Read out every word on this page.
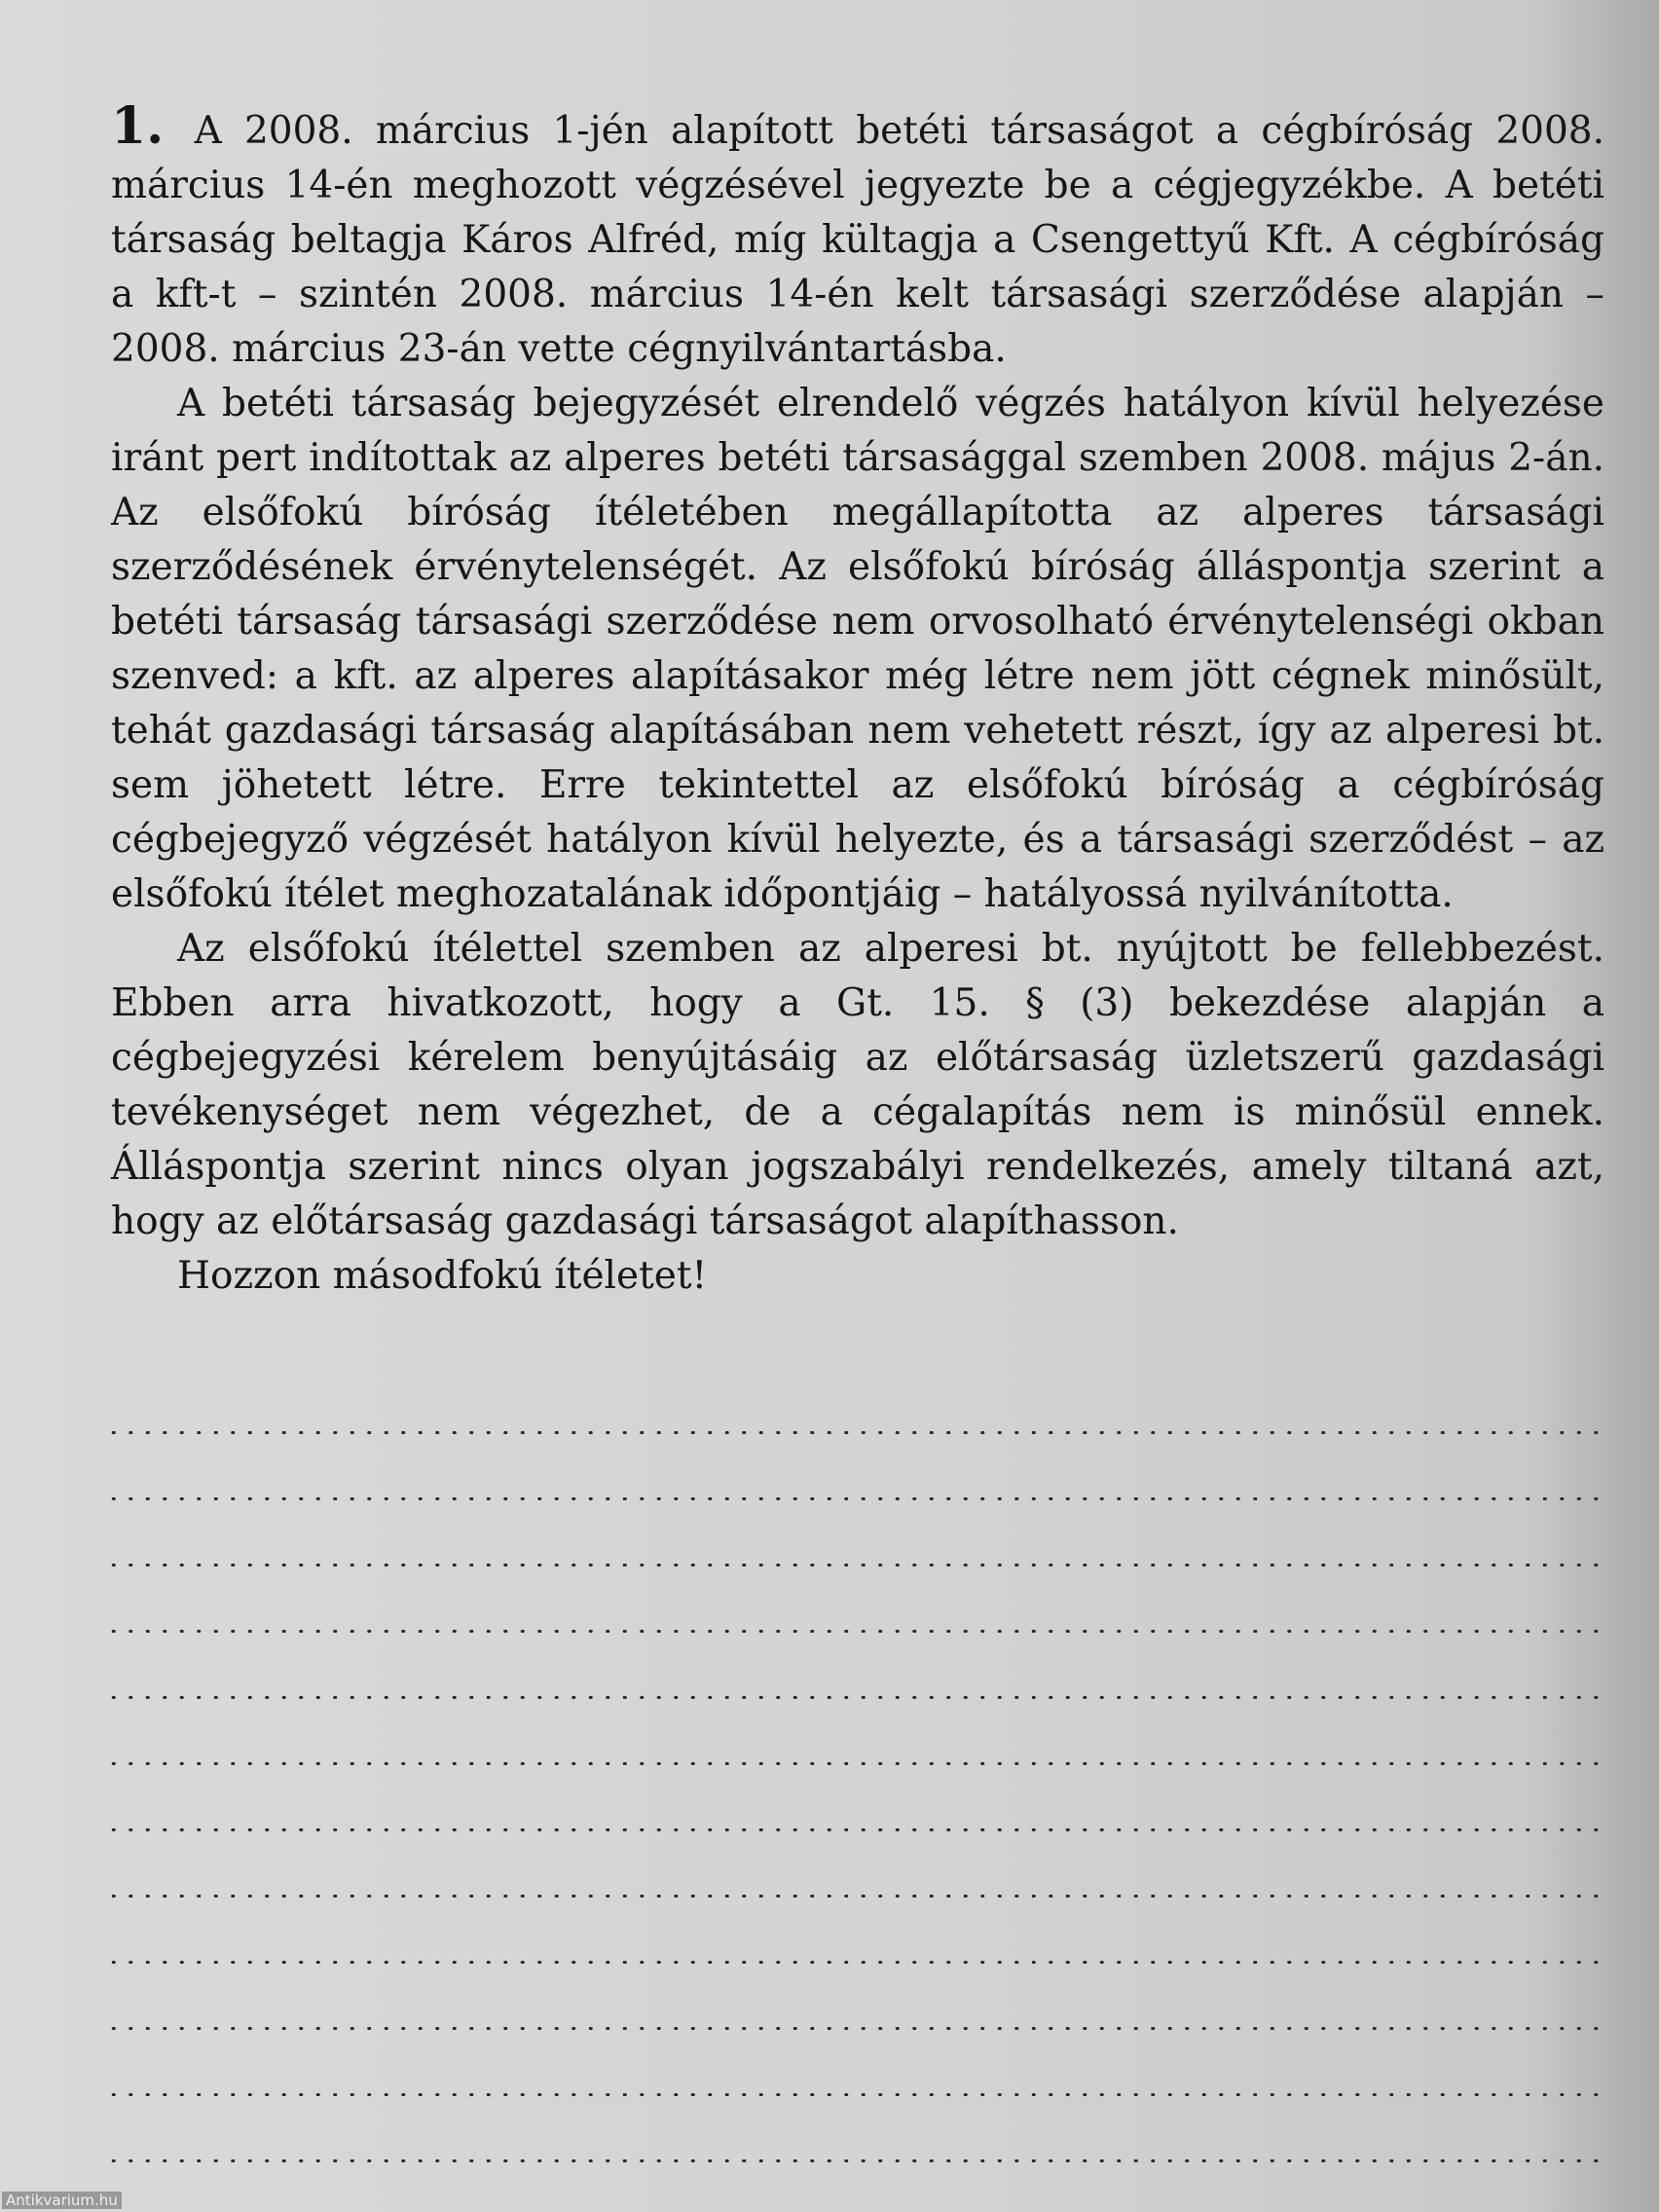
1. A 2008. március 1-jén alapított betéti társaságot a cégbíróság 2008. március 14-én meghozott végzésével jegyezte be a cégjegyzékbe. A betéti társaság beltagja Káros Alfréd, míg kültagja a Csengettyű Kft. A cégbíróság a kft-t – szintén 2008. március 14-én kelt társasági szerződése alapján – 2008. március 23-án vette cégnyilvántartásba.

A betéti társaság bejegyzését elrendelő végzés hatályon kívül helyezése iránt pert indítottak az alperes betéti társasággal szemben 2008. május 2-án. Az elsőfokú bíróság ítéletében megállapította az alperes társasági szerződésének érvénytelenségét. Az elsőfokú bíróság álláspontja szerint a betéti társaság társasági szerződése nem orvosolható érvénytelenségi okban szenved: a kft. az alperes alapításakor még létre nem jött cégnek minősült, tehát gazdasági társaság alapításában nem vehetett részt, így az alperesi bt. sem jöhetett létre. Erre tekintettel az elsőfokú bíróság a cégbíróság cégbejegyző végzését hatályon kívül helyezte, és a társasági szerződést – az elsőfokú ítélet meghozatalának időpontjáig – hatályossá nyilvánította.

Az elsőfokú ítélettel szemben az alperesi bt. nyújtott be fellebbezést. Ebben arra hivatkozott, hogy a Gt. 15. § (3) bekezdése alapján a cégbejegyzési kérelem benyújtásáig az előtársaság üzletszerű gazdasági tevékenységet nem végezhet, de a cégalapítás nem is minősül ennek. Álláspontja szerint nincs olyan jogszabályi rendelkezés, amely tiltaná azt, hogy az előtársaság gazdasági társaságot alapíthasson.

Hozzon másodfokú ítéletet!

Antikvarium.hu
